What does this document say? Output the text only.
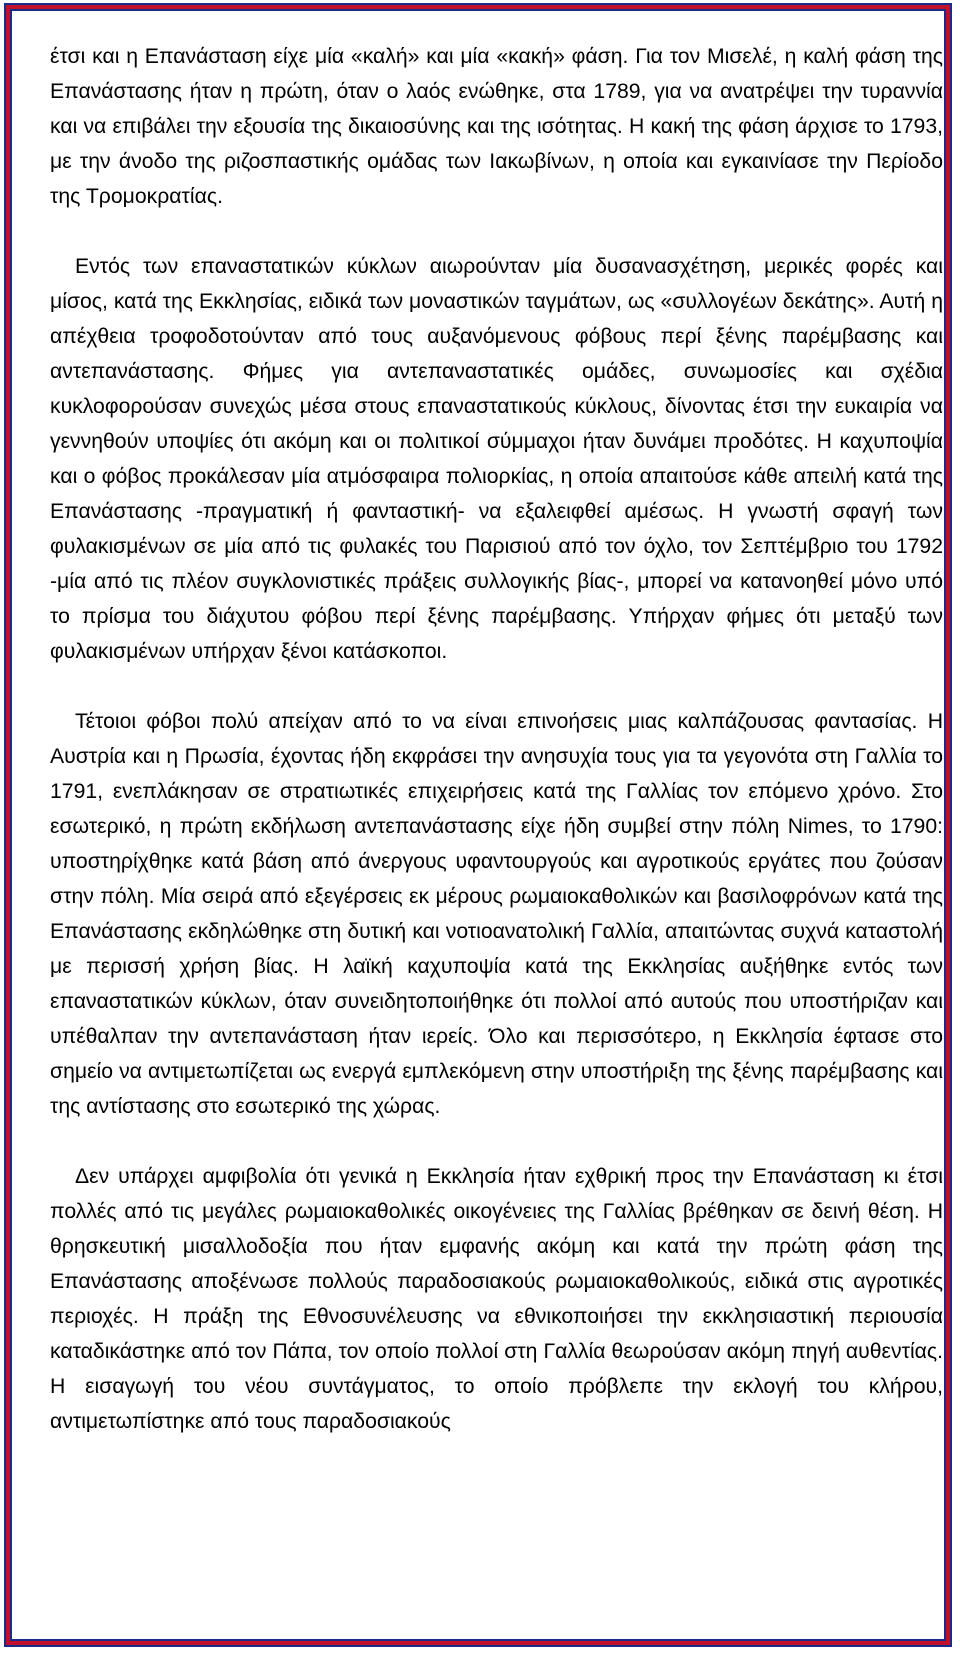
έτσι και η Επανάσταση είχε μία «καλή» και μία «κακή» φάση. Για τον Μισελέ, η καλή φάση της Επανάστασης ήταν η πρώτη, όταν ο λαός ενώθηκε, στα 1789, για να ανατρέψει την τυραννία και να επιβάλει την εξουσία της δικαιοσύνης και της ισότητας. Η κακή της φάση άρχισε το 1793, με την άνοδο της ριζοσπαστικής ομάδας των Ιακωβίνων, η οποία και εγκαινίασε την Περίοδο της Τρομοκρατίας.

Εντός των επαναστατικών κύκλων αιωρούνταν μία δυσανασχέτηση, μερικές φορές και μίσος, κατά της Εκκλησίας, ειδικά των μοναστικών ταγμάτων, ως «συλλογέων δεκάτης». Αυτή η απέχθεια τροφοδοτούνταν από τους αυξανόμενους φόβους περί ξένης παρέμβασης και αντεπανάστασης. Φήμες για αντεπαναστατικές ομάδες, συνωμοσίες και σχέδια κυκλοφορούσαν συνεχώς μέσα στους επαναστατικούς κύκλους, δίνοντας έτσι την ευκαιρία να γεννηθούν υποψίες ότι ακόμη και οι πολιτικοί σύμμαχοι ήταν δυνάμει προδότες. Η καχυποψία και ο φόβος προκάλεσαν μία ατμόσφαιρα πολιορκίας, η οποία απαιτούσε κάθε απειλή κατά της Επανάστασης -πραγματική ή φανταστική- να εξαλειφθεί αμέσως. Η γνωστή σφαγή των φυλακισμένων σε μία από τις φυλακές του Παρισιού από τον όχλο, τον Σεπτέμβριο του 1792 -μία από τις πλέον συγκλονιστικές πράξεις συλλογικής βίας-, μπορεί να κατανοηθεί μόνο υπό το πρίσμα του διάχυτου φόβου περί ξένης παρέμβασης. Υπήρχαν φήμες ότι μεταξύ των φυλακισμένων υπήρχαν ξένοι κατάσκοποι.

Τέτοιοι φόβοι πολύ απείχαν από το να είναι επινοήσεις μιας καλπάζουσας φαντασίας. Η Αυστρία και η Πρωσία, έχοντας ήδη εκφράσει την ανησυχία τους για τα γεγονότα στη Γαλλία το 1791, ενεπλάκησαν σε στρατιωτικές επιχειρήσεις κατά της Γαλλίας τον επόμενο χρόνο. Στο εσωτερικό, η πρώτη εκδήλωση αντεπανάστασης είχε ήδη συμβεί στην πόλη Nimes, το 1790: υποστηρίχθηκε κατά βάση από άνεργους υφαντουργούς και αγροτικούς εργάτες που ζούσαν στην πόλη. Μία σειρά από εξεγέρσεις εκ μέρους ρωμαιοκαθολικών και βασιλοφρόνων κατά της Επανάστασης εκδηλώθηκε στη δυτική και νοτιοανατολική Γαλλία, απαιτώντας συχνά καταστολή με περισσή χρήση βίας. Η λαϊκή καχυποψία κατά της Εκκλησίας αυξήθηκε εντός των επαναστατικών κύκλων, όταν συνειδητοποιήθηκε ότι πολλοί από αυτούς που υποστήριζαν και υπέθαλπαν την αντεπανάσταση ήταν ιερείς. Όλο και περισσότερο, η Εκκλησία έφτασε στο σημείο να αντιμετωπίζεται ως ενεργά εμπλεκόμενη στην υποστήριξη της ξένης παρέμβασης και της αντίστασης στο εσωτερικό της χώρας.

Δεν υπάρχει αμφιβολία ότι γενικά η Εκκλησία ήταν εχθρική προς την Επανάσταση κι έτσι πολλές από τις μεγάλες ρωμαιοκαθολικές οικογένειες της Γαλλίας βρέθηκαν σε δεινή θέση. Η θρησκευτική μισαλλοδοξία που ήταν εμφανής ακόμη και κατά την πρώτη φάση της Επανάστασης αποξένωσε πολλούς παραδοσιακούς ρωμαιοκαθολικούς, ειδικά στις αγροτικές περιοχές. Η πράξη της Εθνοσυνέλευσης να εθνικοποιήσει την εκκλησιαστική περιουσία καταδικάστηκε από τον Πάπα, τον οποίο πολλοί στη Γαλλία θεωρούσαν ακόμη πηγή αυθεντίας. Η εισαγωγή του νέου συντάγματος, το οποίο πρόβλεπε την εκλογή του κλήρου, αντιμετωπίστηκε από τους παραδοσιακούς
